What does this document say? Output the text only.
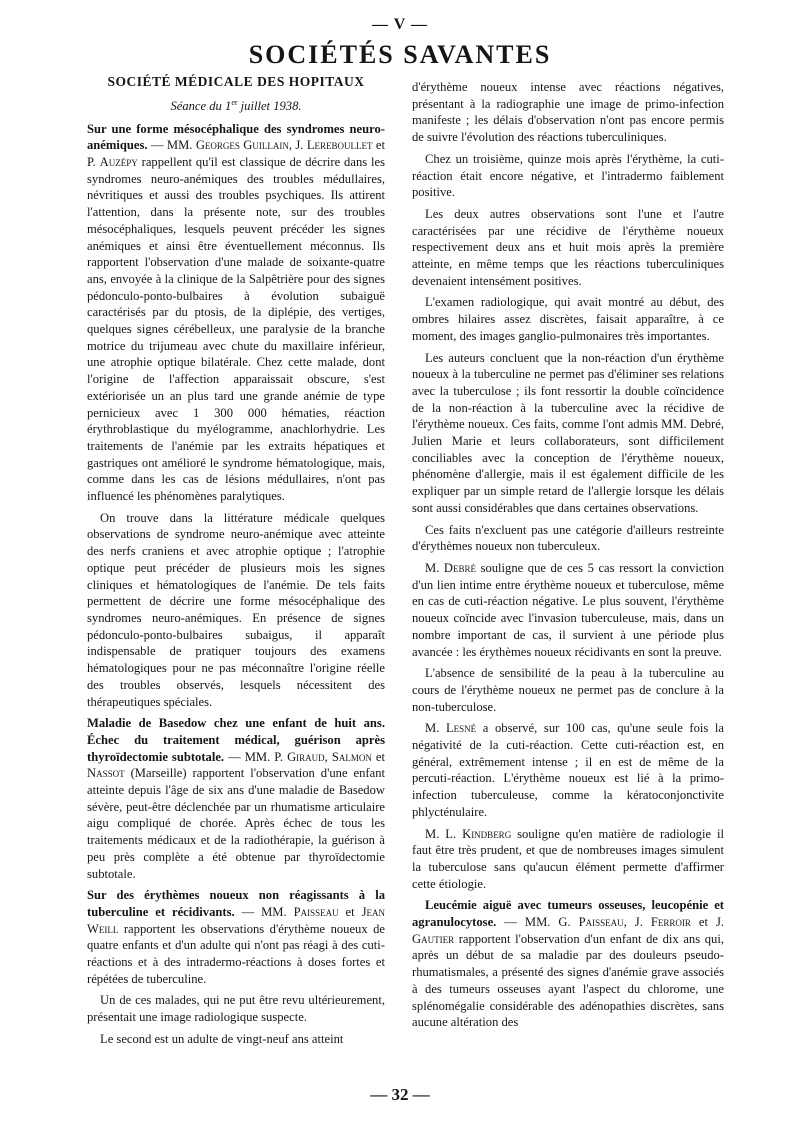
— V —
SOCIÉTÉS SAVANTES
SOCIÉTÉ MÉDICALE DES HOPITAUX
Séance du 1er juillet 1938.

Sur une forme mésocéphalique des syndromes neuro-anémiques. — MM. Georges Guillain, J. Lereboullet et P. Auzépy rappellent qu'il est classique de décrire dans les syndromes neuro-anémiques des troubles médullaires, névritiques et aussi des troubles psychiques. Ils attirent l'attention, dans la présente note, sur des troubles mésocéphaliques, lesquels peuvent précéder les signes anémiques et ainsi être éventuellement méconnus. Ils rapportent l'observation d'une malade de soixante-quatre ans, envoyée à la clinique de la Salpêtrière pour des signes pédonculo-ponto-bulbaires à évolution subaiguë caractérisés par du ptosis, de la diplépie, des vertiges, quelques signes cérébelleux, une paralysie de la branche motrice du trijumeau avec chute du maxillaire inférieur, une atrophie optique bilatérale. Chez cette malade, dont l'origine de l'affection apparaissait obscure, s'est extériorisée un an plus tard une grande anémie de type pernicieux avec 1 300 000 hématies, réaction érythroblastique du myélogramme, anachlorhydrie. Les traitements de l'anémie par les extraits hépatiques et gastriques ont amélioré le syndrome hématologique, mais, comme dans les cas de lésions médullaires, n'ont pas influencé les phénomènes paralytiques.

On trouve dans la littérature médicale quelques observations de syndrome neuro-anémique avec atteinte des nerfs craniens et avec atrophie optique ; l'atrophie optique peut précéder de plusieurs mois les signes cliniques et hématologiques de l'anémie. De tels faits permettent de décrire une forme mésocéphalique des syndromes neuro-anémiques. En présence de signes pédonculo-ponto-bulbaires subaigus, il apparaît indispensable de pratiquer toujours des examens hématologiques pour ne pas méconnaître l'origine réelle des troubles observés, lesquels nécessitent des thérapeutiques spéciales.

Maladie de Basedow chez une enfant de huit ans. Échec du traitement médical, guérison après thyroïdectomie subtotale. — MM. P. Giraud, Salmon et Nassot (Marseille) rapportent l'observation d'une enfant atteinte depuis l'âge de six ans d'une maladie de Basedow sévère, peut-être déclenchée par un rhumatisme articulaire aigu compliqué de chorée. Après échec de tous les traitements médicaux et de la radiothérapie, la guérison à peu près complète a été obtenue par thyroïdectomie subtotale.

Sur des érythèmes noueux non réagissants à la tuberculine et récidivants. — MM. Paisseau et Jean Weill rapportent les observations d'érythème noueux de quatre enfants et d'un adulte qui n'ont pas réagi à des cuti-réactions et à des intradermo-réactions à doses fortes et répétées de tuberculine.

Un de ces malades, qui ne put être revu ultérieurement, présentait une image radiologique suspecte.

Le second est un adulte de vingt-neuf ans atteint

d'érythème noueux intense avec réactions négatives, présentant à la radiographie une image de primo-infection manifeste ; les délais d'observation n'ont pas encore permis de suivre l'évolution des réactions tuberculiniques.

Chez un troisième, quinze mois après l'érythème, la cuti-réaction était encore négative, et l'intradermo faiblement positive.

Les deux autres observations sont l'une et l'autre caractérisées par une récidive de l'érythème noueux respectivement deux ans et huit mois après la première atteinte, en même temps que les réactions tuberculiniques devenaient intensément positives.

L'examen radiologique, qui avait montré au début, des ombres hilaires assez discrètes, faisait apparaître, à ce moment, des images ganglio-pulmonaires très importantes.

Les auteurs concluent que la non-réaction d'un érythème noueux à la tuberculine ne permet pas d'éliminer ses relations avec la tuberculose ; ils font ressortir la double coïncidence de la non-réaction à la tuberculine avec la récidive de l'érythème noueux. Ces faits, comme l'ont admis MM. Debré, Julien Marie et leurs collaborateurs, sont difficilement conciliables avec la conception de l'érythème noueux, phénomène d'allergie, mais il est également difficile de les expliquer par un simple retard de l'allergie lorsque les délais sont aussi considérables que dans certaines observations.

Ces faits n'excluent pas une catégorie d'ailleurs restreinte d'érythèmes noueux non tuberculeux.

M. Debré souligne que de ces 5 cas ressort la conviction d'un lien intime entre érythème noueux et tuberculose, même en cas de cuti-réaction négative. Le plus souvent, l'érythème noueux coïncide avec l'invasion tuberculeuse, mais, dans un nombre important de cas, il survient à une période plus avancée : les érythèmes noueux récidivants en sont la preuve.

L'absence de sensibilité de la peau à la tuberculine au cours de l'érythème noueux ne permet pas de conclure à la non-tuberculose.

M. Lesné a observé, sur 100 cas, qu'une seule fois la négativité de la cuti-réaction. Cette cuti-réaction est, en général, extrêmement intense ; il en est de même de la percuti-réaction. L'érythème noueux est lié à la primo-infection tuberculeuse, comme la kératoconjonctivite phlycténulaire.

M. L. Kindberg souligne qu'en matière de radiologie il faut être très prudent, et que de nombreuses images simulent la tuberculose sans qu'aucun élément permette d'affirmer cette étiologie.

Leucémie aiguë avec tumeurs osseuses, leucopénie et agranulocytose. — MM. G. Paisseau, J. Ferroir et J. Gautier rapportent l'observation d'un enfant de dix ans qui, après un début de sa maladie par des douleurs pseudo-rhumatismales, a présenté des signes d'anémie grave associés à des tumeurs osseuses ayant l'aspect du chlorome, une splénomégalie considérable des adénopathies discrètes, sans aucune altération des

— 32 —
